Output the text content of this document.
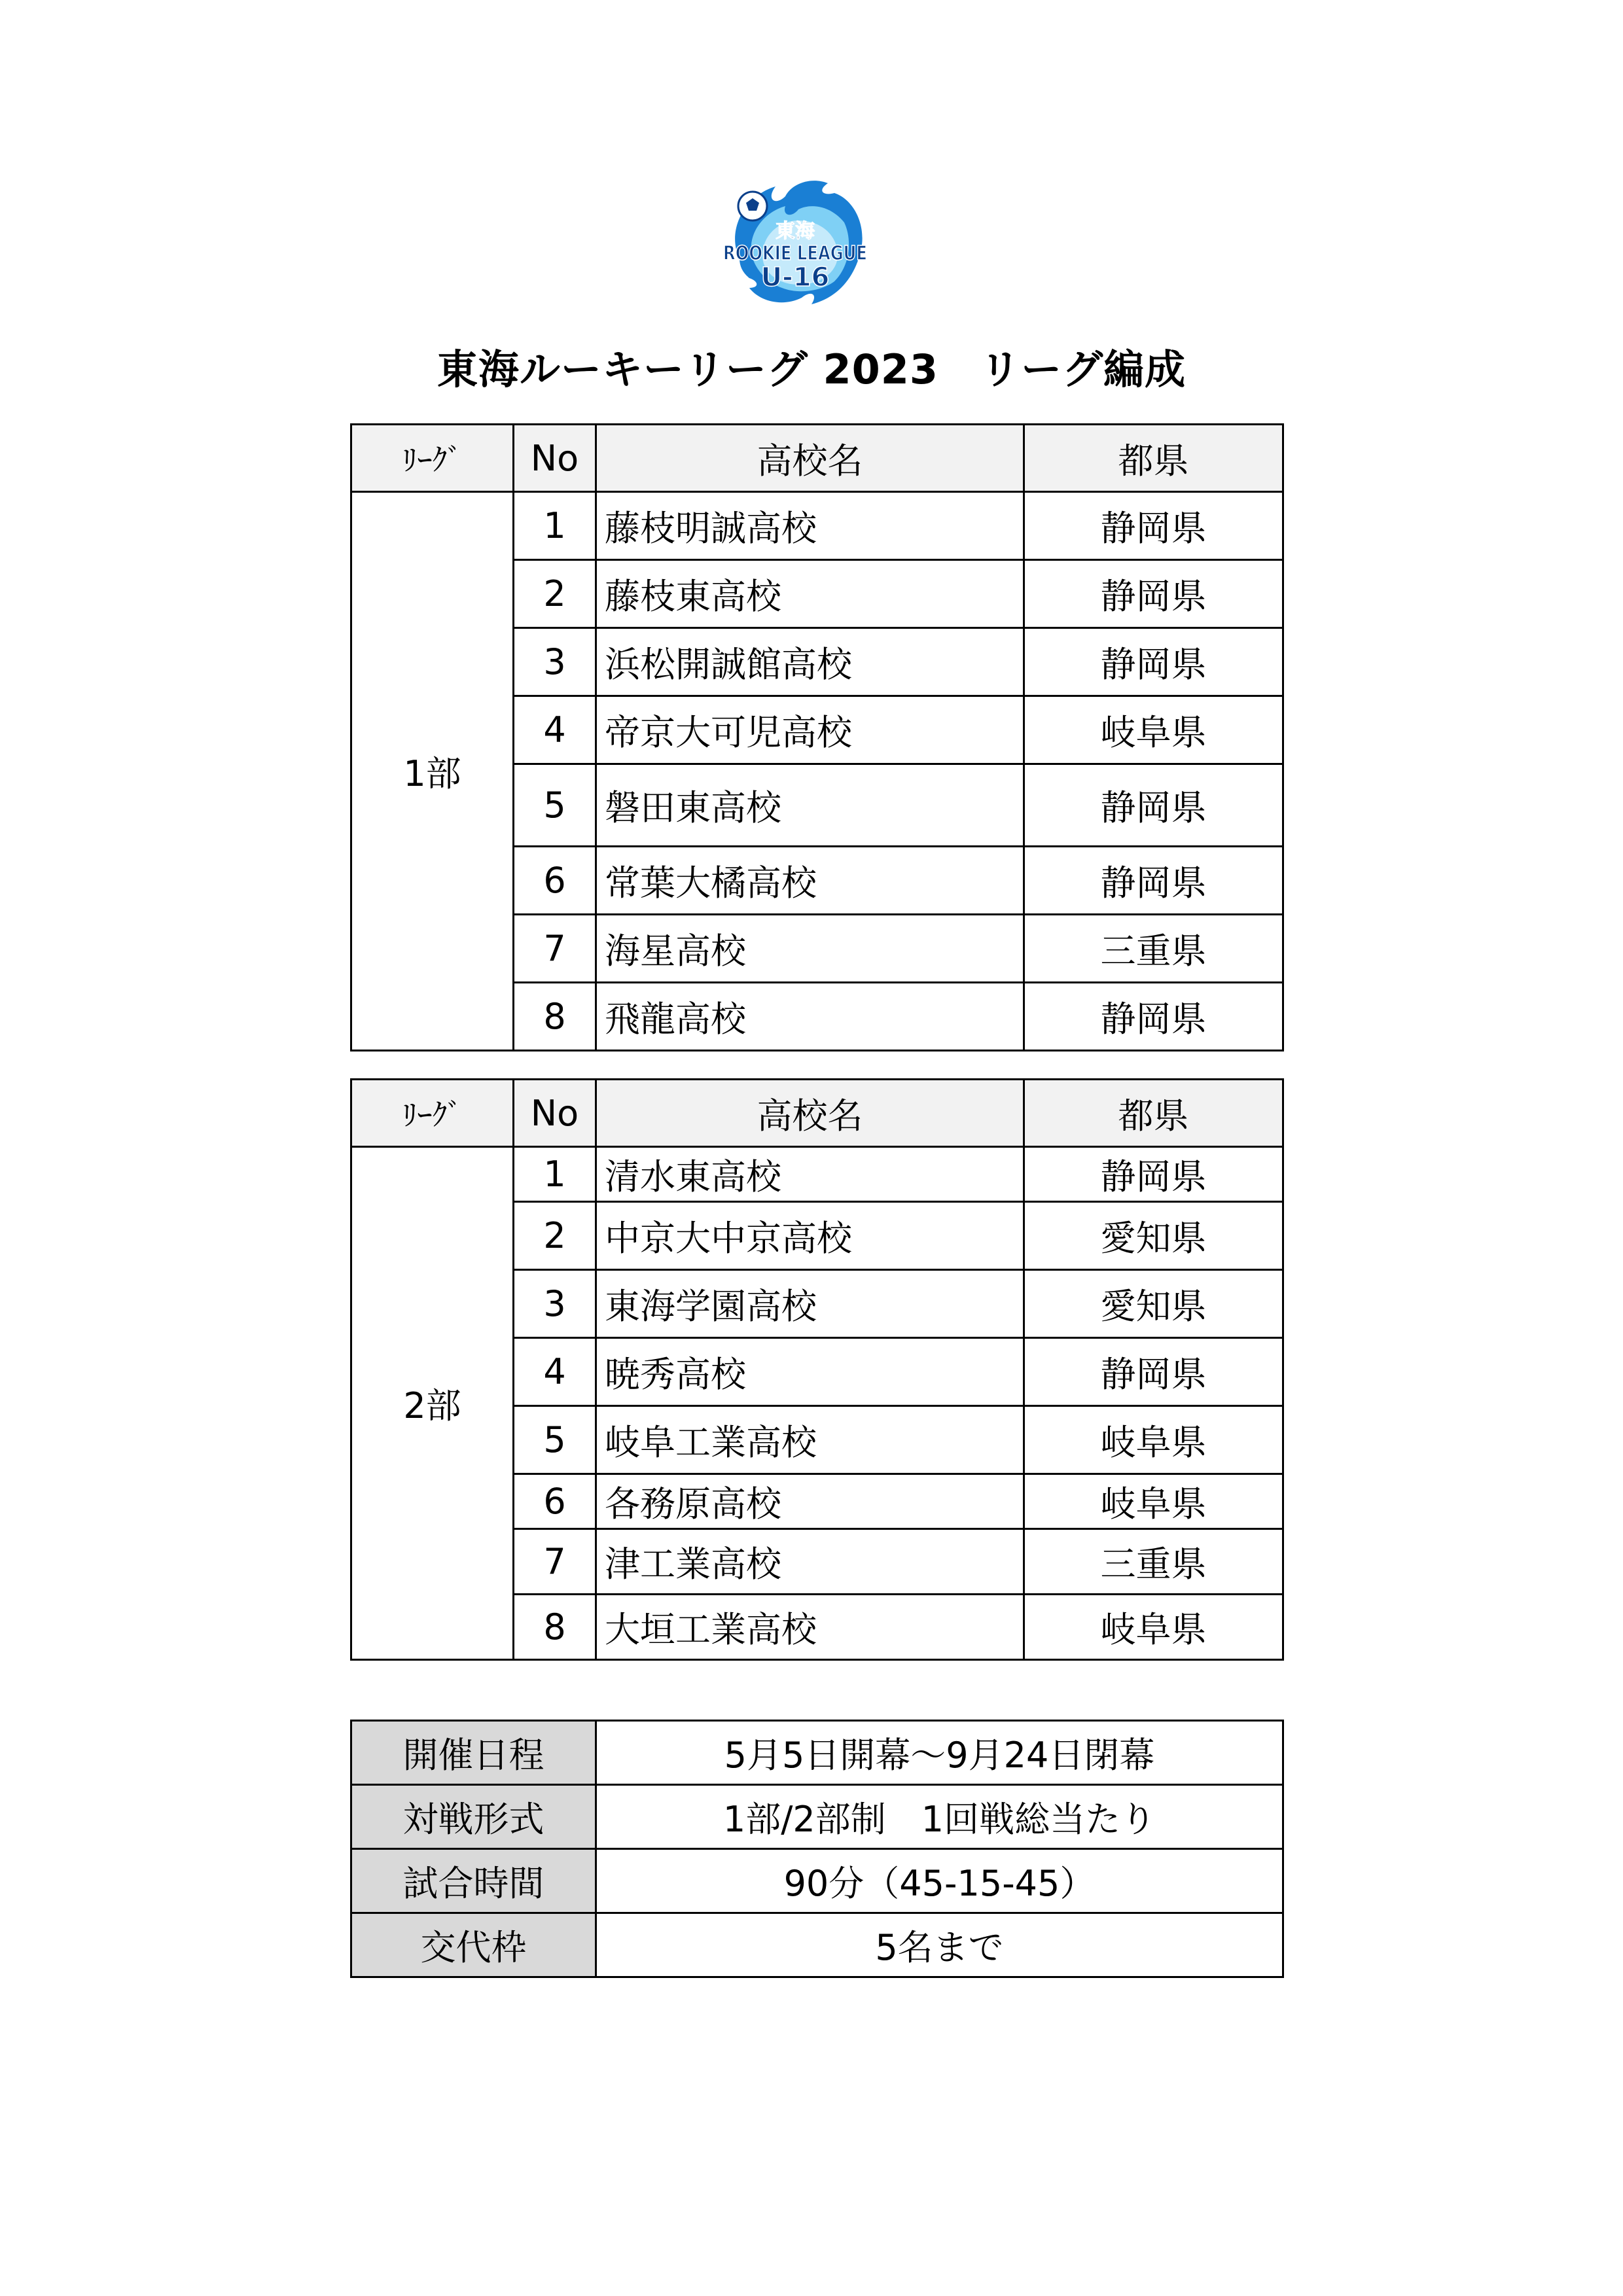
東海
ROOKIE LEAGUE
U-16
東海ルーキーリーグ 2023　リーグ編成
ﾘｰｸﾞ	No	高校名	都県
1部	1	藤枝明誠高校	静岡県
	2	藤枝東高校	静岡県
	3	浜松開誠館高校	静岡県
	4	帝京大可児高校	岐阜県
	5	磐田東高校	静岡県
	6	常葉大橘高校	静岡県
	7	海星高校	三重県
	8	飛龍高校	静岡県
ﾘｰｸﾞ	No	高校名	都県
2部	1	清水東高校	静岡県
	2	中京大中京高校	愛知県
	3	東海学園高校	愛知県
	4	暁秀高校	静岡県
	5	岐阜工業高校	岐阜県
	6	各務原高校	岐阜県
	7	津工業高校	三重県
	8	大垣工業高校	岐阜県
開催日程	5月5日開幕～9月24日閉幕
対戦形式	1部/2部制　1回戦総当たり
試合時間	90分（45-15-45）
交代枠	5名まで
